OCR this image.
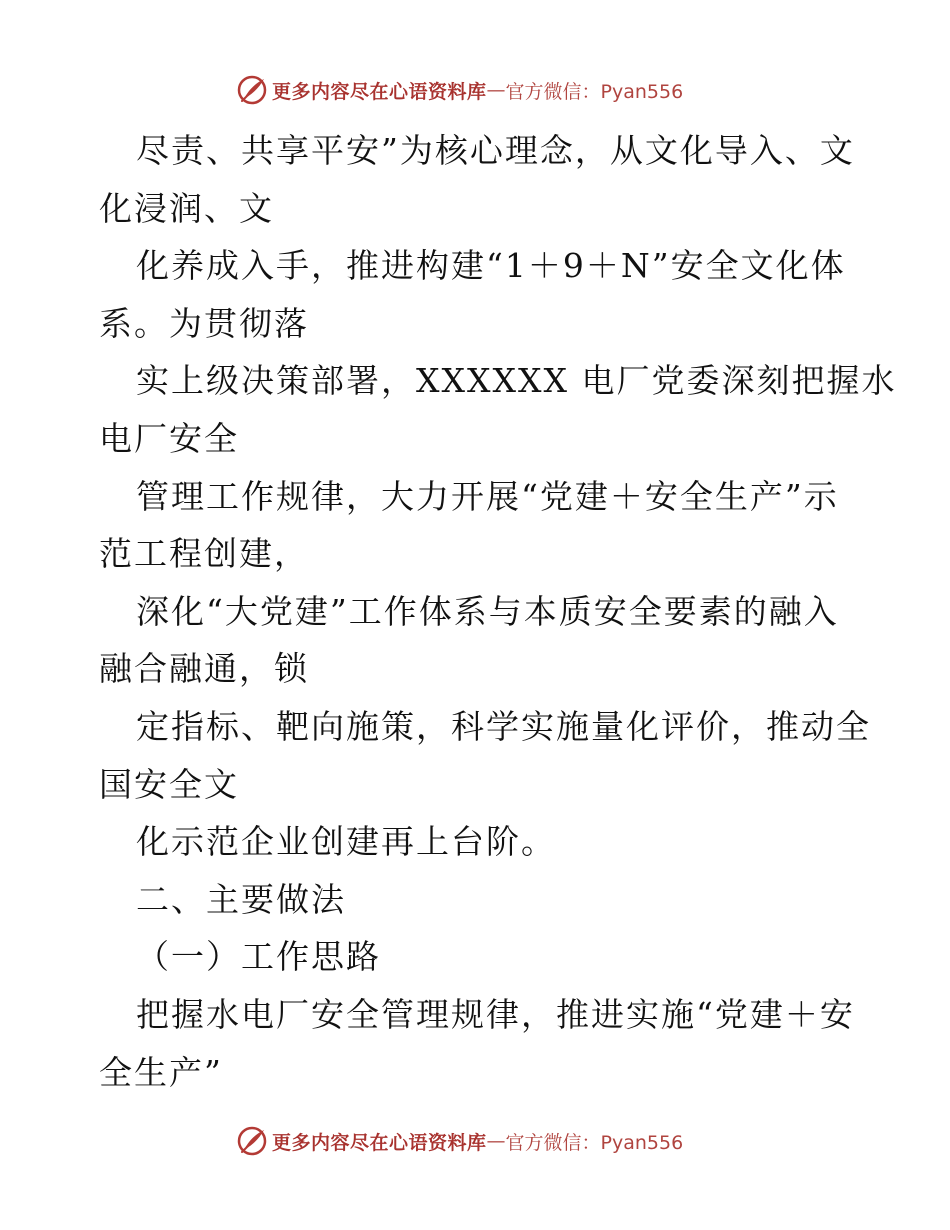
更多内容尽在心语资料库 — 官方微信：Pyan556
尽责、共享平安”为核心理念，从文化导入、文
化浸润、文
化养成入手，推进构建“1＋9＋N”安全文化体
系。为贯彻落
实上级决策部署，XXXXXX 电厂党委深刻把握水
电厂安全
管理工作规律，大力开展“党建＋安全生产”示
范工程创建，
深化“大党建”工作体系与本质安全要素的融入
融合融通，锁
定指标、靶向施策，科学实施量化评价，推动全
国安全文
化示范企业创建再上台阶。
二、主要做法
（一）工作思路
把握水电厂安全管理规律，推进实施“党建＋安
全生产”
更多内容尽在心语资料库 — 官方微信：Pyan556
